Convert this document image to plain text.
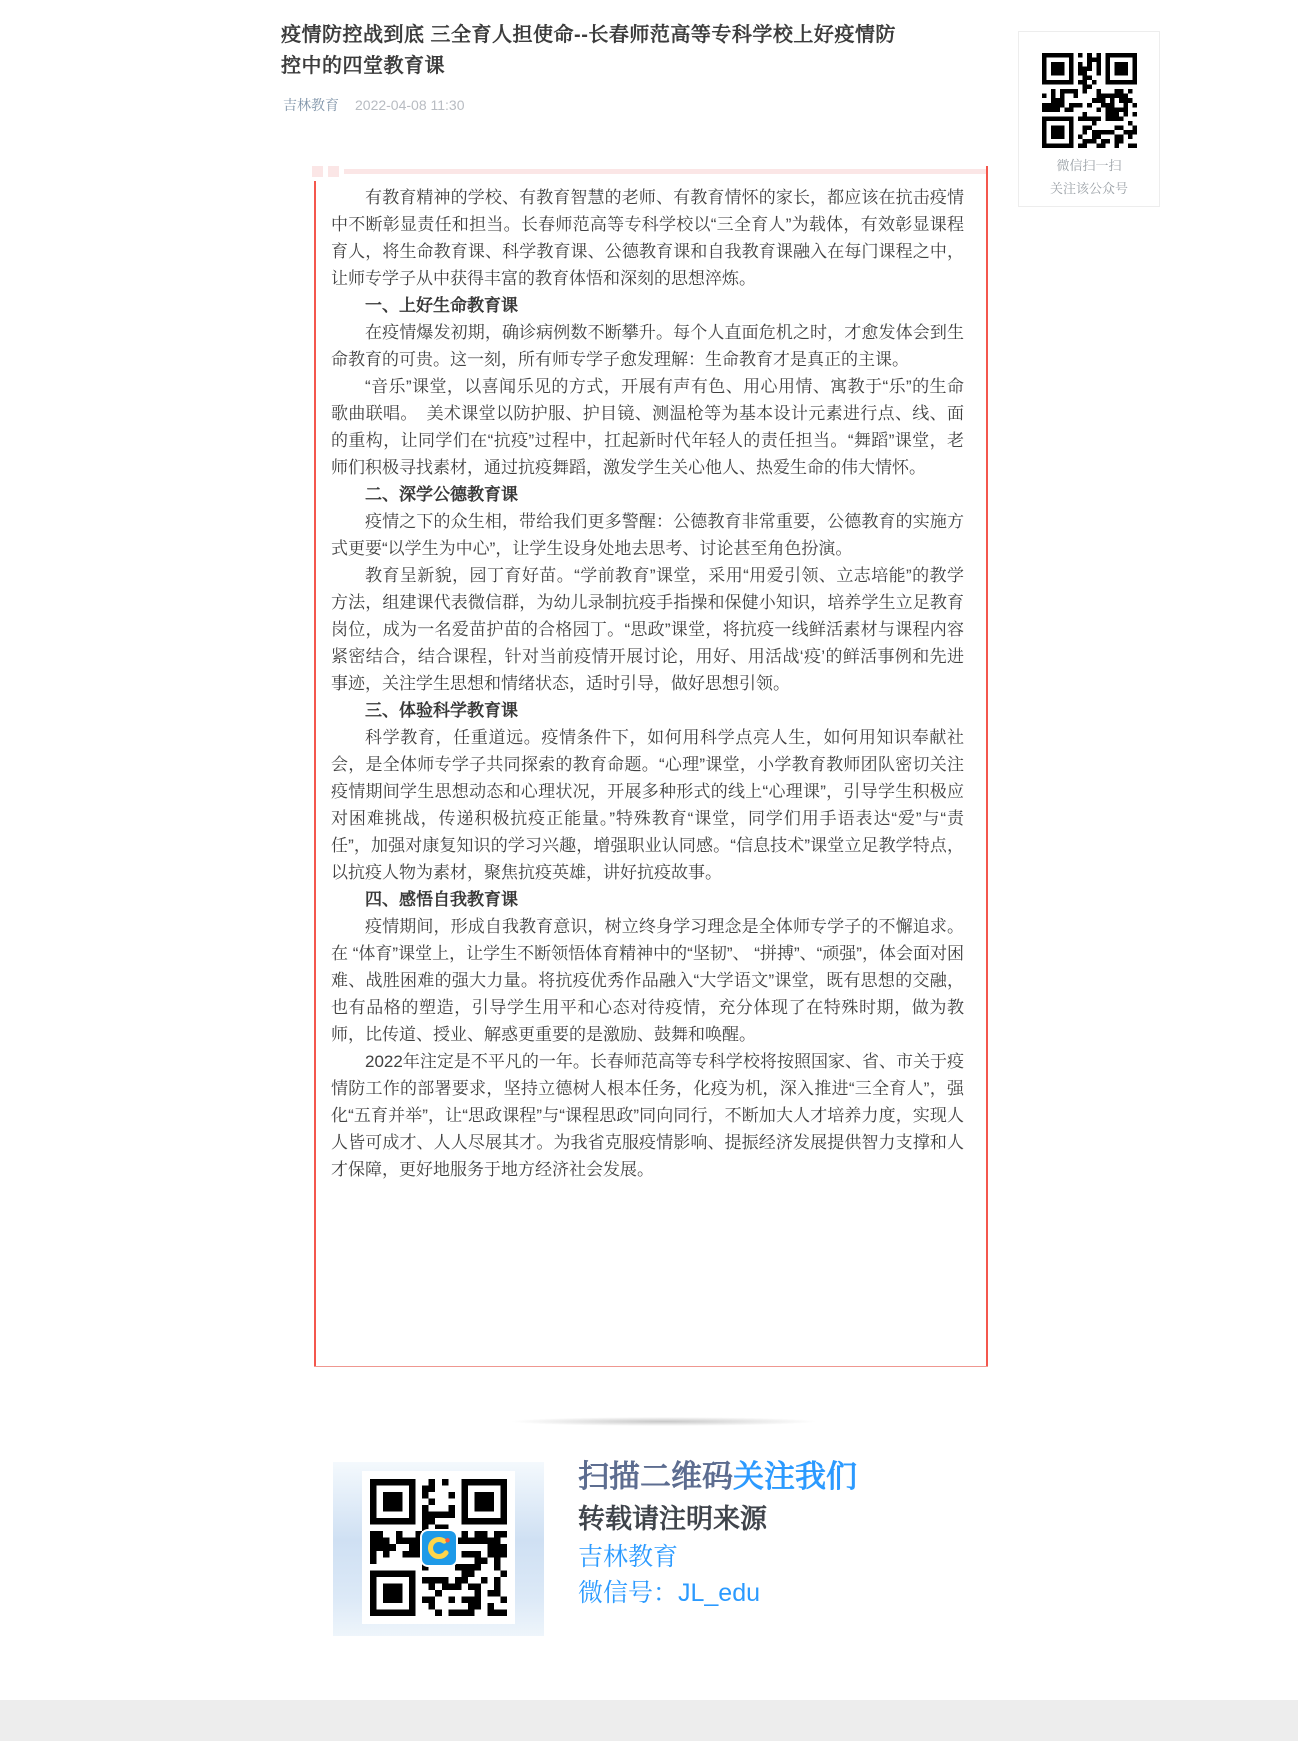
疫情防控战到底 三全育人担使命--长春师范高等专科学校上好疫情防控中的四堂教育课
吉林教育 2022-04-08 11:30
微信扫一扫
关注该公众号

有教育精神的学校、有教育智慧的老师、有教育情怀的家长，都应该在抗击疫情中不断彰显责任和担当。长春师范高等专科学校以“三全育人”为载体，有效彰显课程育人，将生命教育课、科学教育课、公德教育课和自我教育课融入在每门课程之中，让师专学子从中获得丰富的教育体悟和深刻的思想淬炼。

一、上好生命教育课

在疫情爆发初期，确诊病例数不断攀升。每个人直面危机之时，才愈发体会到生命教育的可贵。这一刻，所有师专学子愈发理解：生命教育才是真正的主课。

“音乐”课堂，以喜闻乐见的方式，开展有声有色、用心用情、寓教于“乐”的生命歌曲联唱。　美术课堂以防护服、护目镜、测温枪等为基本设计元素进行点、线、面的重构，让同学们在“抗疫”过程中，扛起新时代年轻人的责任担当。“舞蹈”课堂，老师们积极寻找素材，通过抗疫舞蹈，激发学生关心他人、热爱生命的伟大情怀。

二、深学公德教育课

疫情之下的众生相，带给我们更多警醒：公德教育非常重要，公德教育的实施方式更要“以学生为中心”，让学生设身处地去思考、讨论甚至角色扮演。

教育呈新貌，园丁育好苗。“学前教育”课堂，采用“用爱引领、立志培能”的教学方法，组建课代表微信群，为幼儿录制抗疫手指操和保健小知识，培养学生立足教育岗位，成为一名爱苗护苗的合格园丁。“思政”课堂，将抗疫一线鲜活素材与课程内容紧密结合，结合课程，针对当前疫情开展讨论，用好、用活战‘疫’的鲜活事例和先进事迹，关注学生思想和情绪状态，适时引导，做好思想引领。

三、体验科学教育课

科学教育，任重道远。疫情条件下，如何用科学点亮人生，如何用知识奉献社会，是全体师专学子共同探索的教育命题。“心理”课堂，小学教育教师团队密切关注疫情期间学生思想动态和心理状况，开展多种形式的线上“心理课”，引导学生积极应对困难挑战，传递积极抗疫正能量。”特殊教育“课堂，同学们用手语表达“爱”与“责任”，加强对康复知识的学习兴趣，增强职业认同感。“信息技术”课堂立足教学特点，以抗疫人物为素材，聚焦抗疫英雄，讲好抗疫故事。

四、感悟自我教育课

疫情期间，形成自我教育意识，树立终身学习理念是全体师专学子的不懈追求。在 “体育”课堂上，让学生不断领悟体育精神中的“坚韧”、 “拼搏”、“顽强”，体会面对困难、战胜困难的强大力量。将抗疫优秀作品融入“大学语文”课堂，既有思想的交融，也有品格的塑造，引导学生用平和心态对待疫情，充分体现了在特殊时期，做为教师，比传道、授业、解惑更重要的是激励、鼓舞和唤醒。

2022年注定是不平凡的一年。长春师范高等专科学校将按照国家、省、市关于疫情防工作的部署要求，坚持立德树人根本任务，化疫为机，深入推进“三全育人”，强化“五育并举”，让“思政课程”与“课程思政”同向同行，不断加大人才培养力度，实现人人皆可成才、人人尽展其才。为我省克服疫情影响、提振经济发展提供智力支撑和人才保障，更好地服务于地方经济社会发展。

扫描二维码关注我们
转载请注明来源
吉林教育
微信号：JL_edu
